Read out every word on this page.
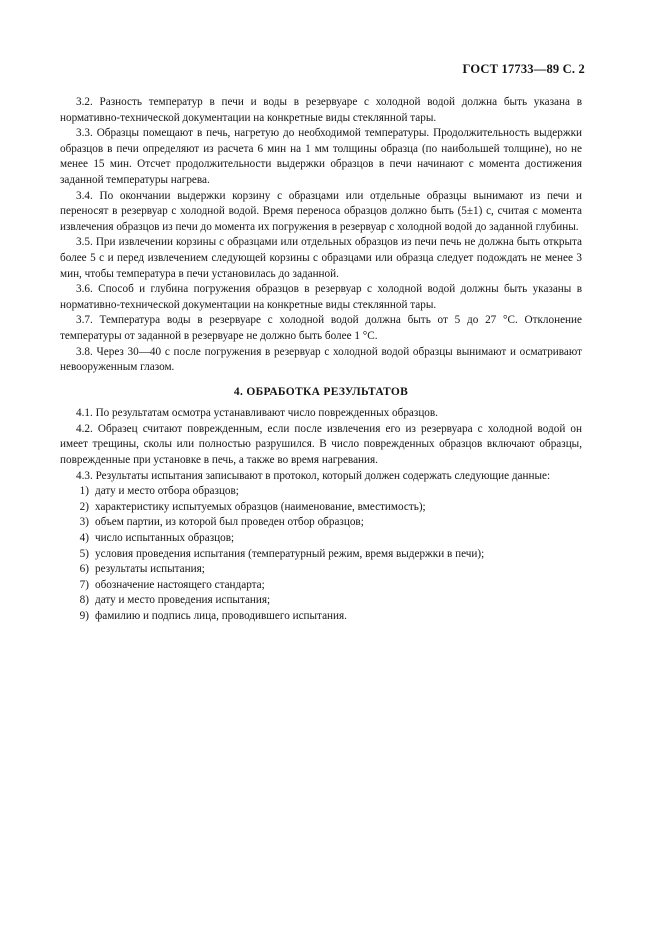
ГОСТ 17733—89 С. 2

3.2. Разность температур в печи и воды в резервуаре с холодной водой должна быть указана в нормативно-технической документации на конкретные виды стеклянной тары.

3.3. Образцы помещают в печь, нагретую до необходимой температуры. Продолжительность выдержки образцов в печи определяют из расчета 6 мин на 1 мм толщины образца (по наибольшей толщине), но не менее 15 мин. Отсчет продолжительности выдержки образцов в печи начинают с момента достижения заданной температуры нагрева.

3.4. По окончании выдержки корзину с образцами или отдельные образцы вынимают из печи и переносят в резервуар с холодной водой. Время переноса образцов должно быть (5±1) с, считая с момента извлечения образцов из печи до момента их погружения в резервуар с холодной водой до заданной глубины.

3.5. При извлечении корзины с образцами или отдельных образцов из печи печь не должна быть открыта более 5 с и перед извлечением следующей корзины с образцами или образца следует подождать не менее 3 мин, чтобы температура в печи установилась до заданной.

3.6. Способ и глубина погружения образцов в резервуар с холодной водой должны быть указаны в нормативно-технической документации на конкретные виды стеклянной тары.

3.7. Температура воды в резервуаре с холодной водой должна быть от 5 до 27 °С. Отклонение температуры от заданной в резервуаре не должно быть более 1 °С.

3.8. Через 30—40 с после погружения в резервуар с холодной водой образцы вынимают и осматривают невооруженным глазом.

4. ОБРАБОТКА РЕЗУЛЬТАТОВ

4.1. По результатам осмотра устанавливают число поврежденных образцов.

4.2. Образец считают поврежденным, если после извлечения его из резервуара с холодной водой он имеет трещины, сколы или полностью разрушился. В число поврежденных образцов включают образцы, поврежденные при установке в печь, а также во время нагревания.

4.3. Результаты испытания записывают в протокол, который должен содержать следующие данные:

1) дату и место отбора образцов;
2) характеристику испытуемых образцов (наименование, вместимость);
3) объем партии, из которой был проведен отбор образцов;
4) число испытанных образцов;
5) условия проведения испытания (температурный режим, время выдержки в печи);
6) результаты испытания;
7) обозначение настоящего стандарта;
8) дату и место проведения испытания;
9) фамилию и подпись лица, проводившего испытания.
